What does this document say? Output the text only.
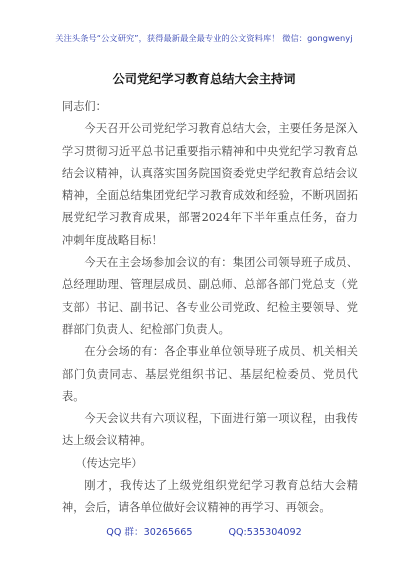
关注头条号“公文研究”，获得最新最全最专业的公文资料库！ 微信：gongwenyj
公司党纪学习教育总结大会主持词

同志们：

今天召开公司党纪学习教育总结大会，主要任务是深入学习贯彻习近平总书记重要指示精神和中央党纪学习教育总结会议精神，认真落实国务院国资委党史学纪教育总结会议精神，全面总结集团党纪学习教育成效和经验，不断巩固拓展党纪学习教育成果，部署2024年下半年重点任务，奋力冲刺年度战略目标！

今天在主会场参加会议的有：集团公司领导班子成员、总经理助理、管理层成员、副总师、总部各部门党总支（党支部）书记、副书记、各专业公司党政、纪检主要领导、党群部门负责人、纪检部门负责人。

在分会场的有：各企事业单位领导班子成员、机关相关部门负责同志、基层党组织书记、基层纪检委员、党员代表。

今天会议共有六项议程，下面进行第一项议程，由我传达上级会议精神。

（传达完毕）

刚才，我传达了上级党组织党纪学习教育总结大会精神，会后，请各单位做好会议精神的再学习、再领会。

QQ 群：30265665	QQ:535304092
